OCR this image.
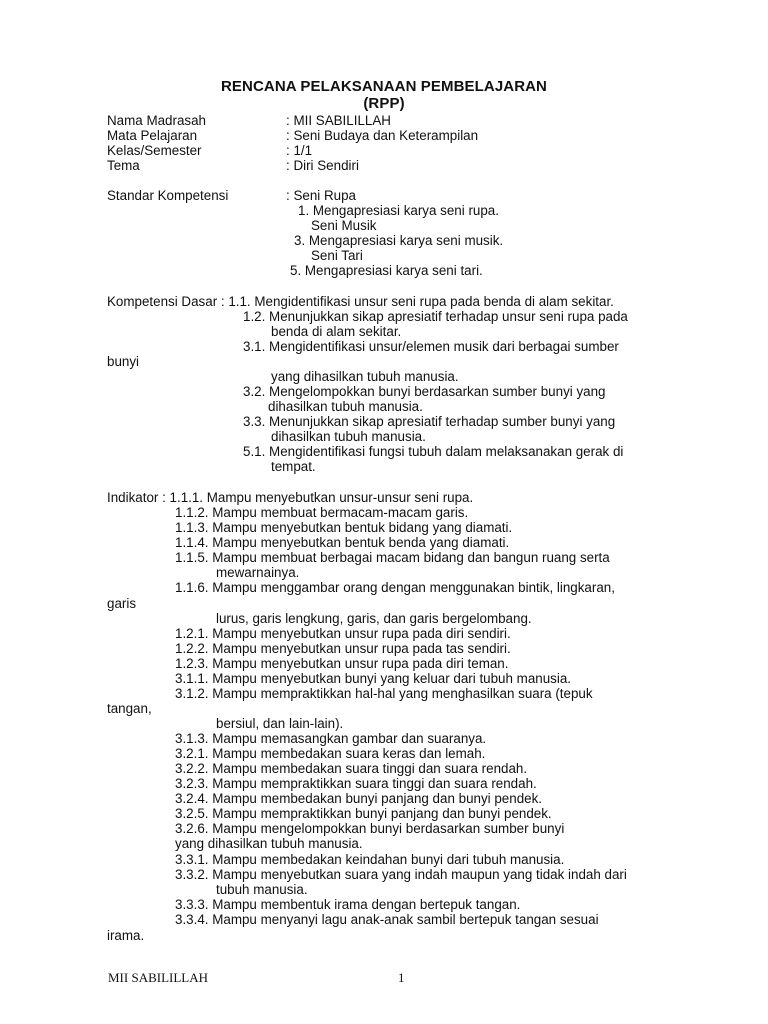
RENCANA PELAKSANAAN PEMBELAJARAN
(RPP)
Nama Madrasah	: MII SABILILLAH
Mata Pelajaran	: Seni Budaya dan Keterampilan
Kelas/Semester	: 1/1
Tema	: Diri Sendiri
Standar Kompetensi	: Seni Rupa
1. Mengapresiasi karya seni rupa.
Seni Musik
3. Mengapresiasi karya seni musik.
Seni Tari
5. Mengapresiasi karya seni tari.
Kompetensi Dasar : 1.1. Mengidentifikasi unsur seni rupa pada benda di alam sekitar.
1.2. Menunjukkan sikap apresiatif terhadap unsur seni rupa pada
benda di alam sekitar.
3.1. Mengidentifikasi unsur/elemen musik dari berbagai sumber
bunyi
yang dihasilkan tubuh manusia.
3.2. Mengelompokkan bunyi berdasarkan sumber bunyi yang
dihasilkan tubuh manusia.
3.3. Menunjukkan sikap apresiatif terhadap sumber bunyi yang
dihasilkan tubuh manusia.
5.1. Mengidentifikasi fungsi tubuh dalam melaksanakan gerak di
tempat.
Indikator : 1.1.1. Mampu menyebutkan unsur-unsur seni rupa.
1.1.2. Mampu membuat bermacam-macam garis.
1.1.3. Mampu menyebutkan bentuk bidang yang diamati.
1.1.4. Mampu menyebutkan bentuk benda yang diamati.
1.1.5. Mampu membuat berbagai macam bidang dan bangun ruang serta
mewarnainya.
1.1.6. Mampu menggambar orang dengan menggunakan bintik, lingkaran,
garis
lurus, garis lengkung, garis, dan garis bergelombang.
1.2.1. Mampu menyebutkan unsur rupa pada diri sendiri.
1.2.2. Mampu menyebutkan unsur rupa pada tas sendiri.
1.2.3. Mampu menyebutkan unsur rupa pada diri teman.
3.1.1. Mampu menyebutkan bunyi yang keluar dari tubuh manusia.
3.1.2. Mampu mempraktikkan hal-hal yang menghasilkan suara (tepuk
tangan,
bersiul, dan lain-lain).
3.1.3. Mampu memasangkan gambar dan suaranya.
3.2.1. Mampu membedakan suara keras dan lemah.
3.2.2. Mampu membedakan suara tinggi dan suara rendah.
3.2.3. Mampu mempraktikkan suara tinggi dan suara rendah.
3.2.4. Mampu membedakan bunyi panjang dan bunyi pendek.
3.2.5. Mampu mempraktikkan bunyi panjang dan bunyi pendek.
3.2.6. Mampu mengelompokkan bunyi berdasarkan sumber bunyi
yang dihasilkan tubuh manusia.
3.3.1. Mampu membedakan keindahan bunyi dari tubuh manusia.
3.3.2. Mampu menyebutkan suara yang indah maupun yang tidak indah dari
tubuh manusia.
3.3.3. Mampu membentuk irama dengan bertepuk tangan.
3.3.4. Mampu menyanyi lagu anak-anak sambil bertepuk tangan sesuai
irama.
MII SABILILLAH	1
